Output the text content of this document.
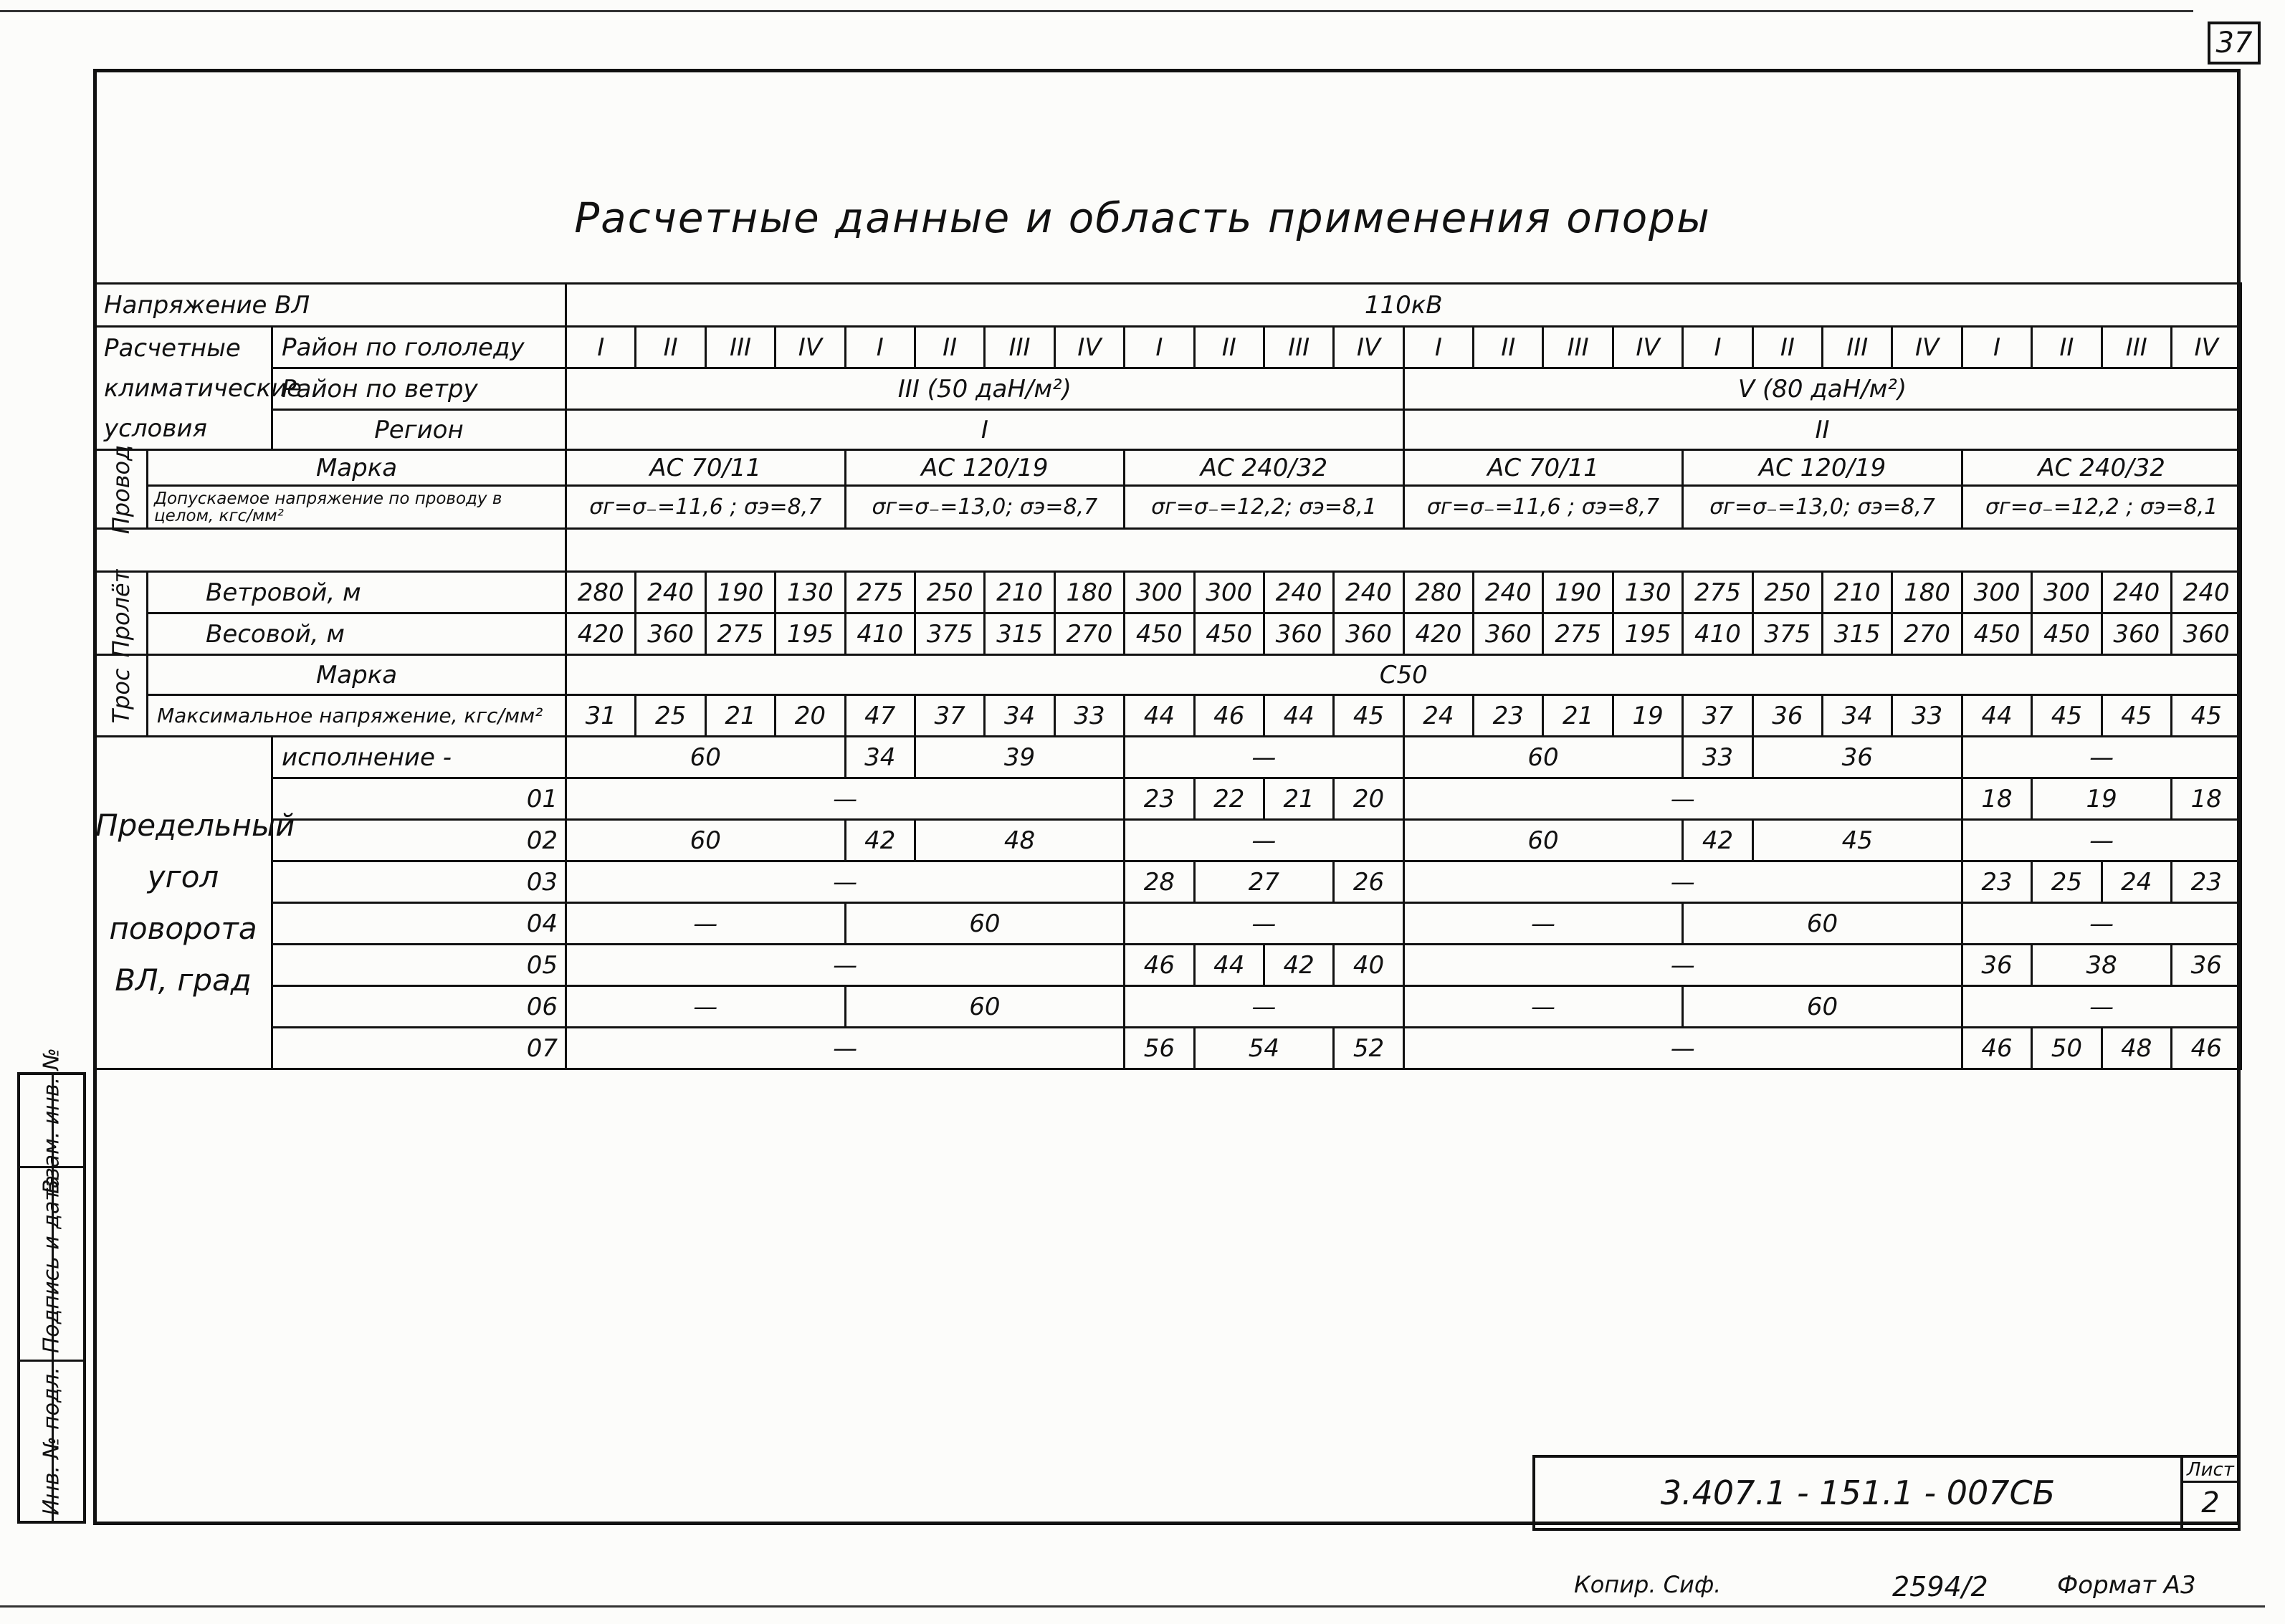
37
Расчетные данные и область применения опоры
Напряжение ВЛ			110кВ																							
Расчетные климатические условия		Район по гололеду	I	II	III	IV	I	II	III	IV	I	II	III	IV	I	II	III	IV	I	II	III	IV	I	II	III	IV
		Район по ветру	III (50 даН/м²)												V (80 даН/м²)											
		Регион	I												II											

Провод	Марка		АС 70/11				АС 120/19				АС 240/32				АС 70/11				АС 120/19				АС 240/32			
	Допускаемое напряжение по проводу в целом, кгс/мм²		σг=σ₋=11,6 ; σэ=8,7				σг=σ₋=13,0; σэ=8,7				σг=σ₋=12,2; σэ=8,1				σг=σ₋=11,6 ; σэ=8,7				σг=σ₋=13,0; σэ=8,7				σг=σ₋=12,2 ; σэ=8,1			

Пролёт	Ветровой, м		280	240	190	130	275	250	210	180	300	300	240	240	280	240	190	130	275	250	210	180	300	300	240	240
	Весовой, м		420	360	275	195	410	375	315	270	450	450	360	360	420	360	275	195	410	375	315	270	450	450	360	360

Трос	Марка		С50																							
	Максимальное напряжение, кгс/мм²		31	25	21	20	47	37	34	33	44	46	44	45	24	23	21	19	37	36	34	33	44	45	45	45
Предельный угол поворота ВЛ, град		исполнение -	60				34	39			—				60				33	36			—			
		01	—								23	22	21	20	—								18	19		18
		02	60				42	48			—				60				42	45			—			
		03	—								28	27		26	—								23	25	24	23
		04	—				60				—				—				60				—			
		05	—								46	44	42	40	—								36	38		36
		06	—				60				—				—				60				—			
		07	—								56	54		52	—								46	50	48	46
Взам. инв. №
Подпись и дата
Инв. № подл.	3.407.1 - 151.1 - 007СБ
Лист
2
Копир. Сиф.	2594/2	Формат А3
